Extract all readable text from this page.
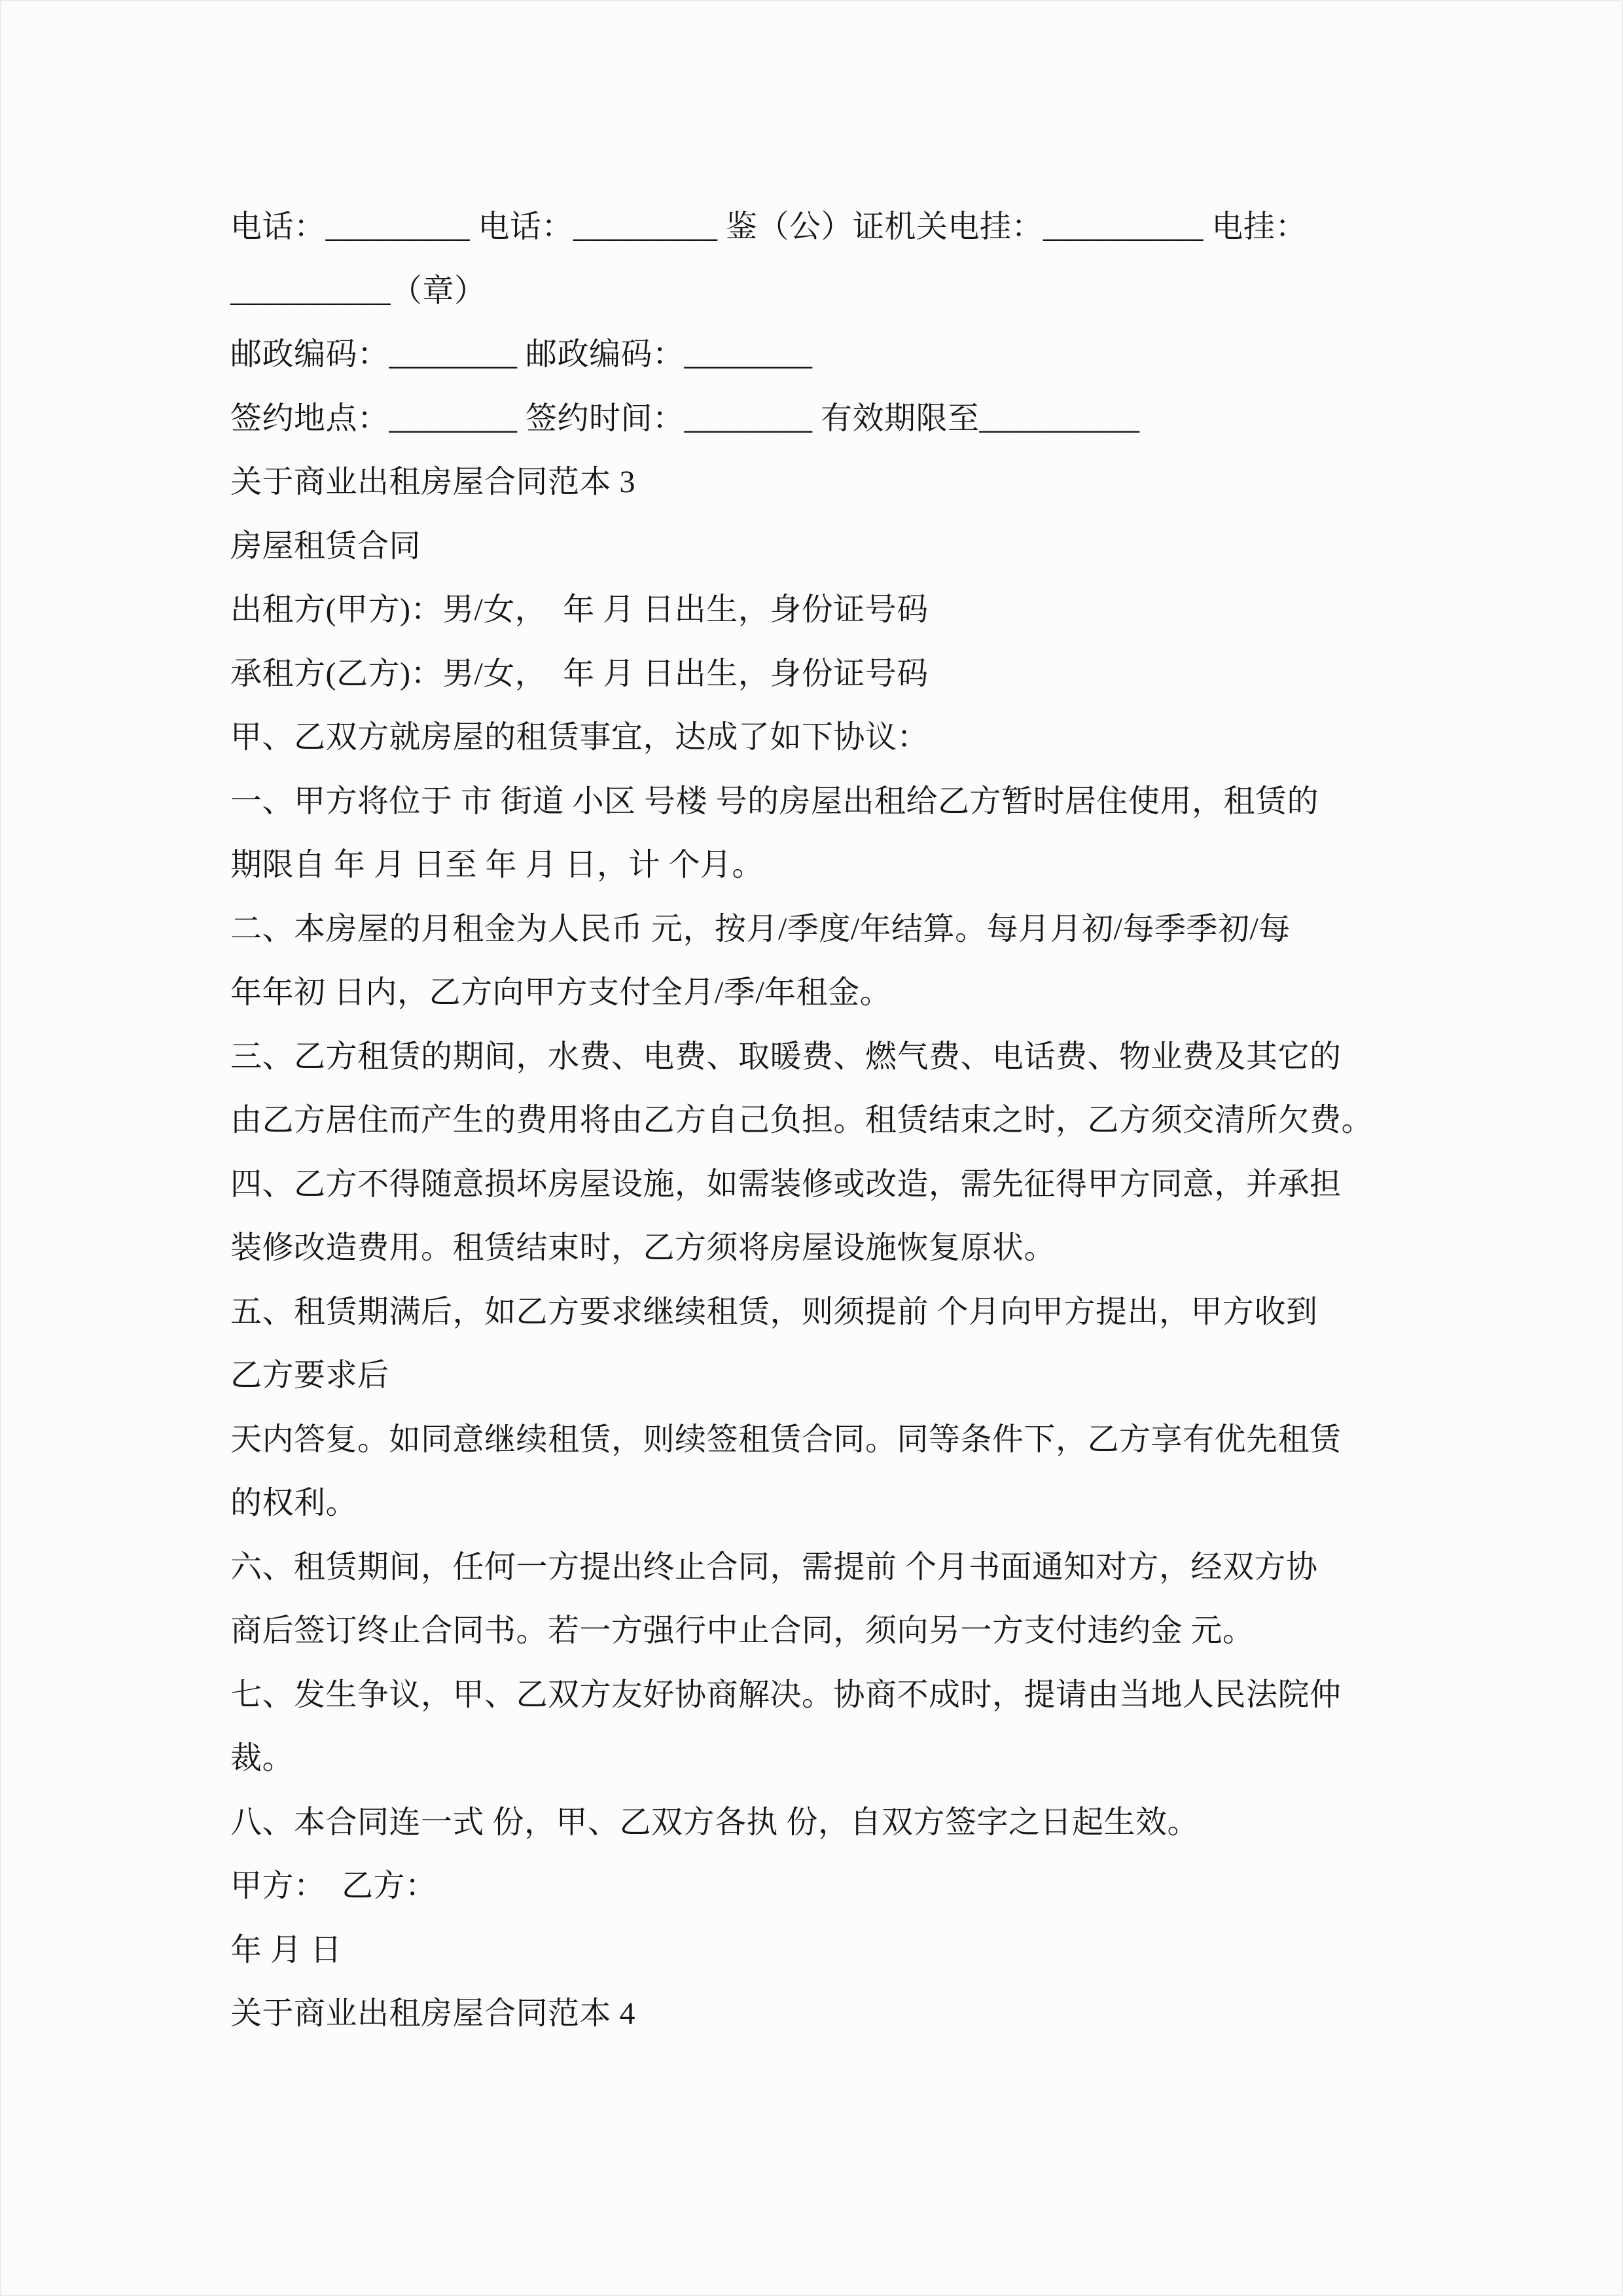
电话：_________ 电话：_________ 鉴（公）证机关电挂：__________ 电挂：
__________（章）
邮政编码：________ 邮政编码：________
签约地点：________ 签约时间：________ 有效期限至__________
关于商业出租房屋合同范本 3
房屋租赁合同
出租方(甲方)：男/女，  年 月 日出生，身份证号码
承租方(乙方)：男/女，  年 月 日出生，身份证号码
甲、乙双方就房屋的租赁事宜，达成了如下协议：
一、甲方将位于 市 街道 小区 号楼 号的房屋出租给乙方暂时居住使用，租赁的
期限自 年 月 日至 年 月 日，计 个月。
二、本房屋的月租金为人民币 元，按月/季度/年结算。每月月初/每季季初/每
年年初 日内，乙方向甲方支付全月/季/年租金。
三、乙方租赁的期间，水费、电费、取暖费、燃气费、电话费、物业费及其它的
由乙方居住而产生的费用将由乙方自己负担。租赁结束之时，乙方须交清所欠费。
四、乙方不得随意损坏房屋设施，如需装修或改造，需先征得甲方同意，并承担
装修改造费用。租赁结束时，乙方须将房屋设施恢复原状。
五、租赁期满后，如乙方要求继续租赁，则须提前 个月向甲方提出，甲方收到
乙方要求后
天内答复。如同意继续租赁，则续签租赁合同。同等条件下，乙方享有优先租赁
的权利。
六、租赁期间，任何一方提出终止合同，需提前 个月书面通知对方，经双方协
商后签订终止合同书。若一方强行中止合同，须向另一方支付违约金 元。
七、发生争议，甲、乙双方友好协商解决。协商不成时，提请由当地人民法院仲
裁。
八、本合同连一式 份，甲、乙双方各执 份，自双方签字之日起生效。
甲方：　乙方：
年 月 日
关于商业出租房屋合同范本 4
